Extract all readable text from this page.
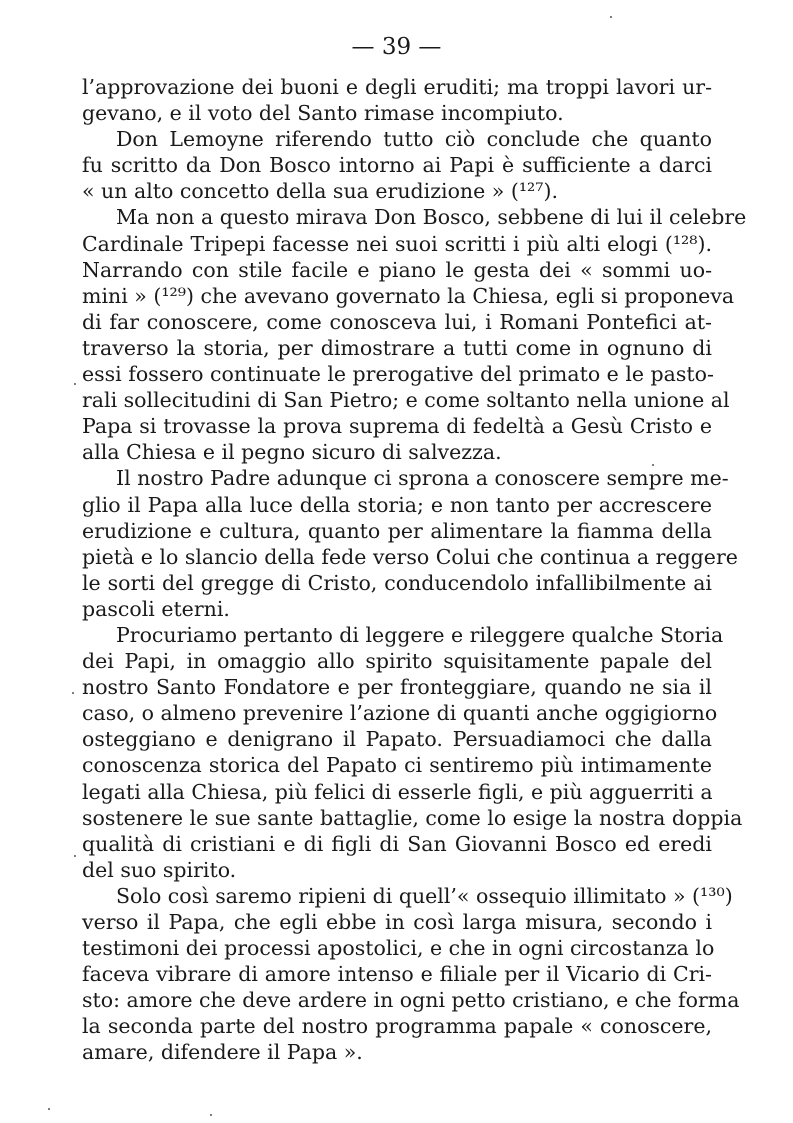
— 39 —
l’approvazione dei buoni e degli eruditi; ma troppi lavori ur-
gevano, e il voto del Santo rimase incompiuto.
Don Lemoyne riferendo tutto ciò conclude che quanto
fu scritto da Don Bosco intorno ai Papi è sufficiente a darci
« un alto concetto della sua erudizione » (¹²⁷).
Ma non a questo mirava Don Bosco, sebbene di lui il celebre
Cardinale Tripepi facesse nei suoi scritti i più alti elogi (¹²⁸).
Narrando con stile facile e piano le gesta dei « sommi uo-
mini » (¹²⁹) che avevano governato la Chiesa, egli si proponeva
di far conoscere, come conosceva lui, i Romani Pontefici at-
traverso la storia, per dimostrare a tutti come in ognuno di
essi fossero continuate le prerogative del primato e le pasto-
rali sollecitudini di San Pietro; e come soltanto nella unione al
Papa si trovasse la prova suprema di fedeltà a Gesù Cristo e
alla Chiesa e il pegno sicuro di salvezza.
Il nostro Padre adunque ci sprona a conoscere sempre me-
glio il Papa alla luce della storia; e non tanto per accrescere
erudizione e cultura, quanto per alimentare la fiamma della
pietà e lo slancio della fede verso Colui che continua a reggere
le sorti del gregge di Cristo, conducendolo infallibilmente ai
pascoli eterni.
Procuriamo pertanto di leggere e rileggere qualche Storia
dei Papi, in omaggio allo spirito squisitamente papale del
nostro Santo Fondatore e per fronteggiare, quando ne sia il
caso, o almeno prevenire l’azione di quanti anche oggigiorno
osteggiano e denigrano il Papato. Persuadiamoci che dalla
conoscenza storica del Papato ci sentiremo più intimamente
legati alla Chiesa, più felici di esserle figli, e più agguerriti a
sostenere le sue sante battaglie, come lo esige la nostra doppia
qualità di cristiani e di figli di San Giovanni Bosco ed eredi
del suo spirito.
Solo così saremo ripieni di quell’« ossequio illimitato » (¹³⁰)
verso il Papa, che egli ebbe in così larga misura, secondo i
testimoni dei processi apostolici, e che in ogni circostanza lo
faceva vibrare di amore intenso e filiale per il Vicario di Cri-
sto: amore che deve ardere in ogni petto cristiano, e che forma
la seconda parte del nostro programma papale « conoscere,
amare, difendere il Papa ».
